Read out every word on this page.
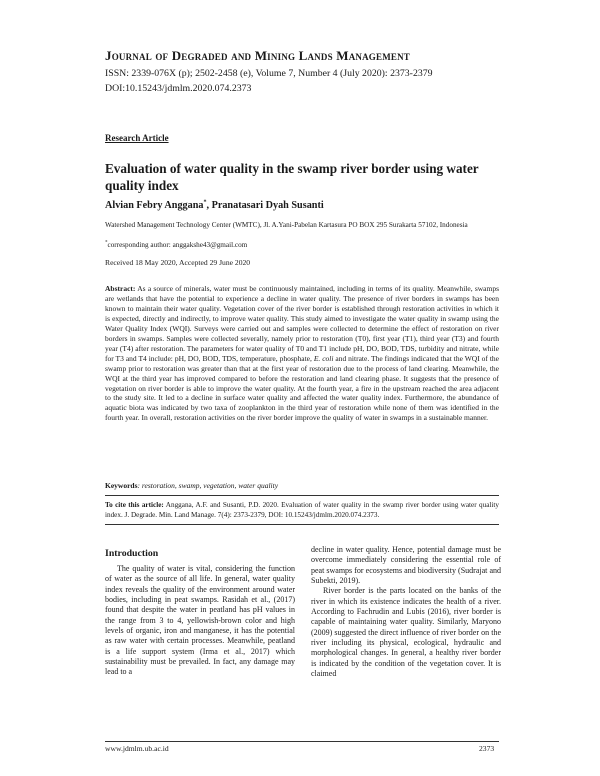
Journal of Degraded and Mining Lands Management
ISSN: 2339-076X (p); 2502-2458 (e), Volume 7, Number 4 (July 2020): 2373-2379
DOI:10.15243/jdmlm.2020.074.2373
Research Article
Evaluation of water quality in the swamp river border using water quality index
Alvian Febry Anggana*, Pranatasari Dyah Susanti
Watershed Management Technology Center (WMTC), Jl. A.Yani-Pabelan Kartasura PO BOX 295 Surakarta 57102, Indonesia
*corresponding author: anggakshe43@gmail.com
Received 18 May 2020, Accepted 29 June 2020
Abstract: As a source of minerals, water must be continuously maintained, including in terms of its quality. Meanwhile, swamps are wetlands that have the potential to experience a decline in water quality. The presence of river borders in swamps has been known to maintain their water quality. Vegetation cover of the river border is established through restoration activities in which it is expected, directly and indirectly, to improve water quality. This study aimed to investigate the water quality in swamp using the Water Quality Index (WQI). Surveys were carried out and samples were collected to determine the effect of restoration on river borders in swamps. Samples were collected severally, namely prior to restoration (T0), first year (T1), third year (T3) and fourth year (T4) after restoration. The parameters for water quality of T0 and T1 include pH, DO, BOD, TDS, turbidity and nitrate, while for T3 and T4 include: pH, DO, BOD, TDS, temperature, phosphate, E. coli and nitrate. The findings indicated that the WQI of the swamp prior to restoration was greater than that at the first year of restoration due to the process of land clearing. Meanwhile, the WQI at the third year has improved compared to before the restoration and land clearing phase. It suggests that the presence of vegetation on river border is able to improve the water quality. At the fourth year, a fire in the upstream reached the area adjacent to the study site. It led to a decline in surface water quality and affected the water quality index. Furthermore, the abundance of aquatic biota was indicated by two taxa of zooplankton in the third year of restoration while none of them was identified in the fourth year. In overall, restoration activities on the river border improve the quality of water in swamps in a sustainable manner.
Keywords: restoration, swamp, vegetation, water quality
To cite this article: Anggana, A.F. and Susanti, P.D. 2020. Evaluation of water quality in the swamp river border using water quality index. J. Degrade. Min. Land Manage. 7(4): 2373-2379, DOI: 10.15243/jdmlm.2020.074.2373.
Introduction

The quality of water is vital, considering the function of water as the source of all life. In general, water quality index reveals the quality of the environment around water bodies, including in peat swamps. Rasidah et al., (2017) found that despite the water in peatland has pH values in the range from 3 to 4, yellowish-brown color and high levels of organic, iron and manganese, it has the potential as raw water with certain processes. Meanwhile, peatland is a life support system (Irma et al., 2017) which sustainability must be prevailed. In fact, any damage may lead to a

decline in water quality. Hence, potential damage must be overcome immediately considering the essential role of peat swamps for ecosystems and biodiversity (Sudrajat and Subekti, 2019).

River border is the parts located on the banks of the river in which its existence indicates the health of a river. According to Fachrudin and Lubis (2016), river border is capable of maintaining water quality. Similarly, Maryono (2009) suggested the direct influence of river border on the river including its physical, ecological, hydraulic and morphological changes. In general, a healthy river border is indicated by the condition of the vegetation cover. It is claimed

www.jdmlm.ub.ac.id	2373
